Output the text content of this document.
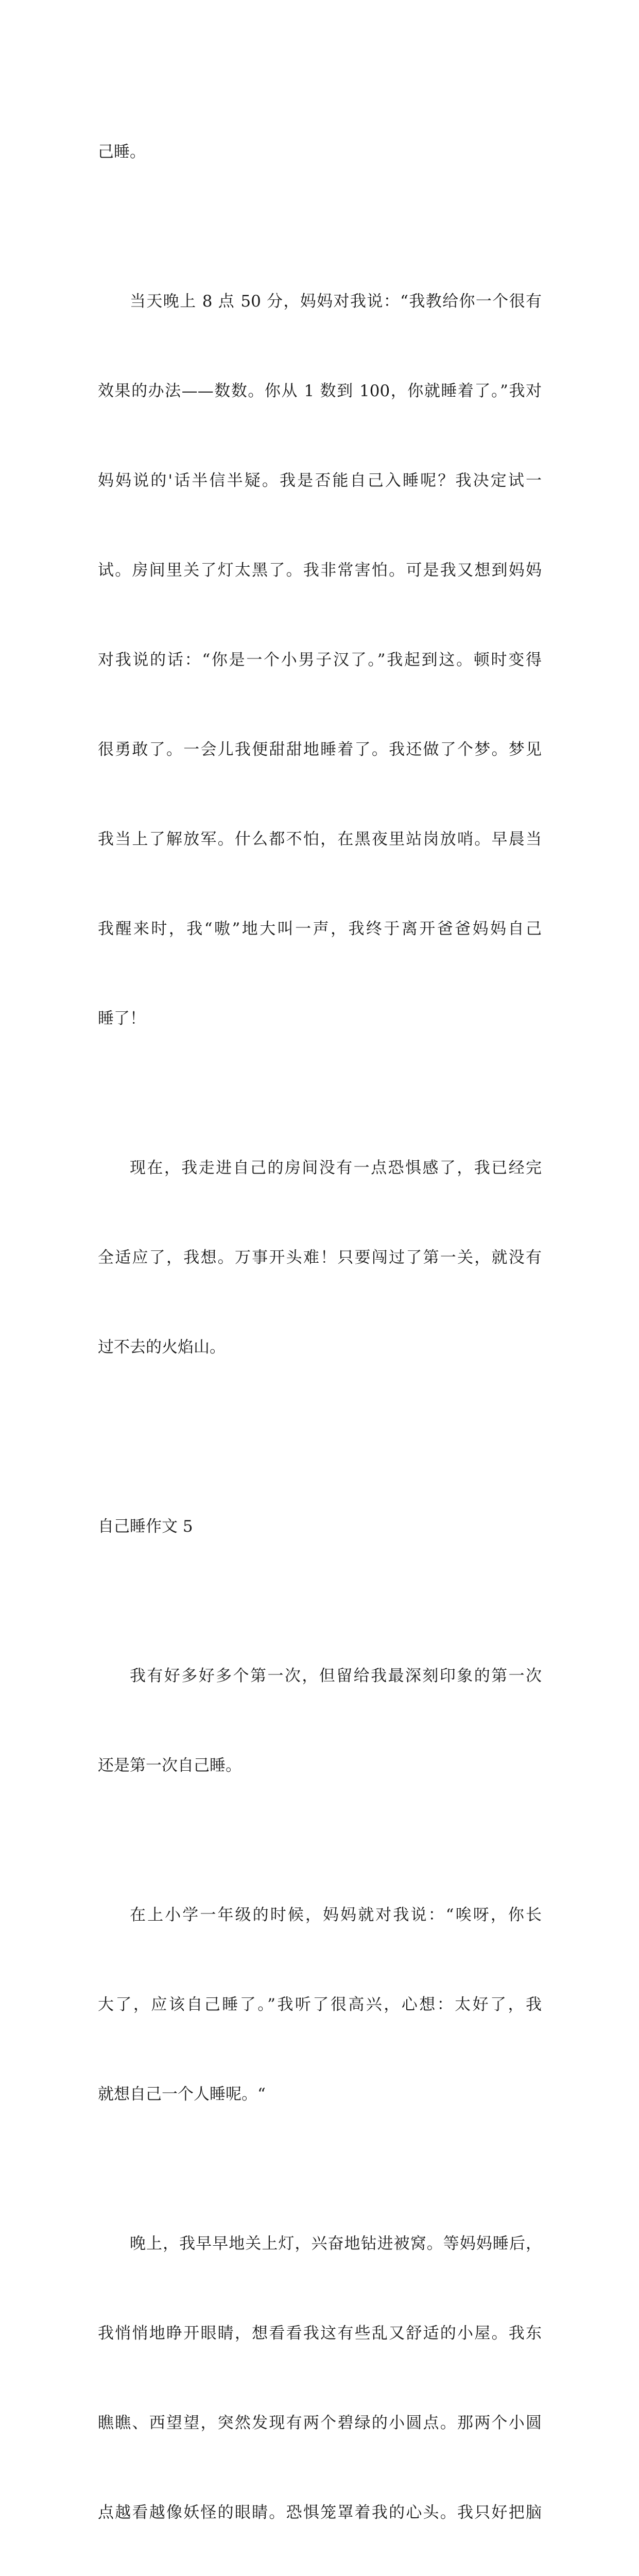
己睡。

当天晚上 8 点 50 分，妈妈对我说：“我教给你一个很有

效果的办法——数数。你从 1 数到 100，你就睡着了。”我对

妈妈说的'话半信半疑。我是否能自己入睡呢？我决定试一

试。房间里关了灯太黑了。我非常害怕。可是我又想到妈妈

对我说的话：“你是一个小男子汉了。”我起到这。顿时变得

很勇敢了。一会儿我便甜甜地睡着了。我还做了个梦。梦见

我当上了解放军。什么都不怕，在黑夜里站岗放哨。早晨当

我醒来时，我“嗷”地大叫一声，我终于离开爸爸妈妈自己

睡了！

现在，我走进自己的房间没有一点恐惧感了，我已经完

全适应了，我想。万事开头难！只要闯过了第一关，就没有

过不去的火焰山。

自己睡作文 5

我有好多好多个第一次，但留给我最深刻印象的第一次

还是第一次自己睡。

在上小学一年级的时候，妈妈就对我说：“唉呀，你长

大了，应该自己睡了。”我听了很高兴，心想：太好了，我

就想自己一个人睡呢。“

晚上，我早早地关上灯，兴奋地钻进被窝。等妈妈睡后，

我悄悄地睁开眼睛，想看看我这有些乱又舒适的小屋。我东

瞧瞧、西望望，突然发现有两个碧绿的小圆点。那两个小圆

点越看越像妖怪的眼睛。恐惧笼罩着我的心头。我只好把脑
